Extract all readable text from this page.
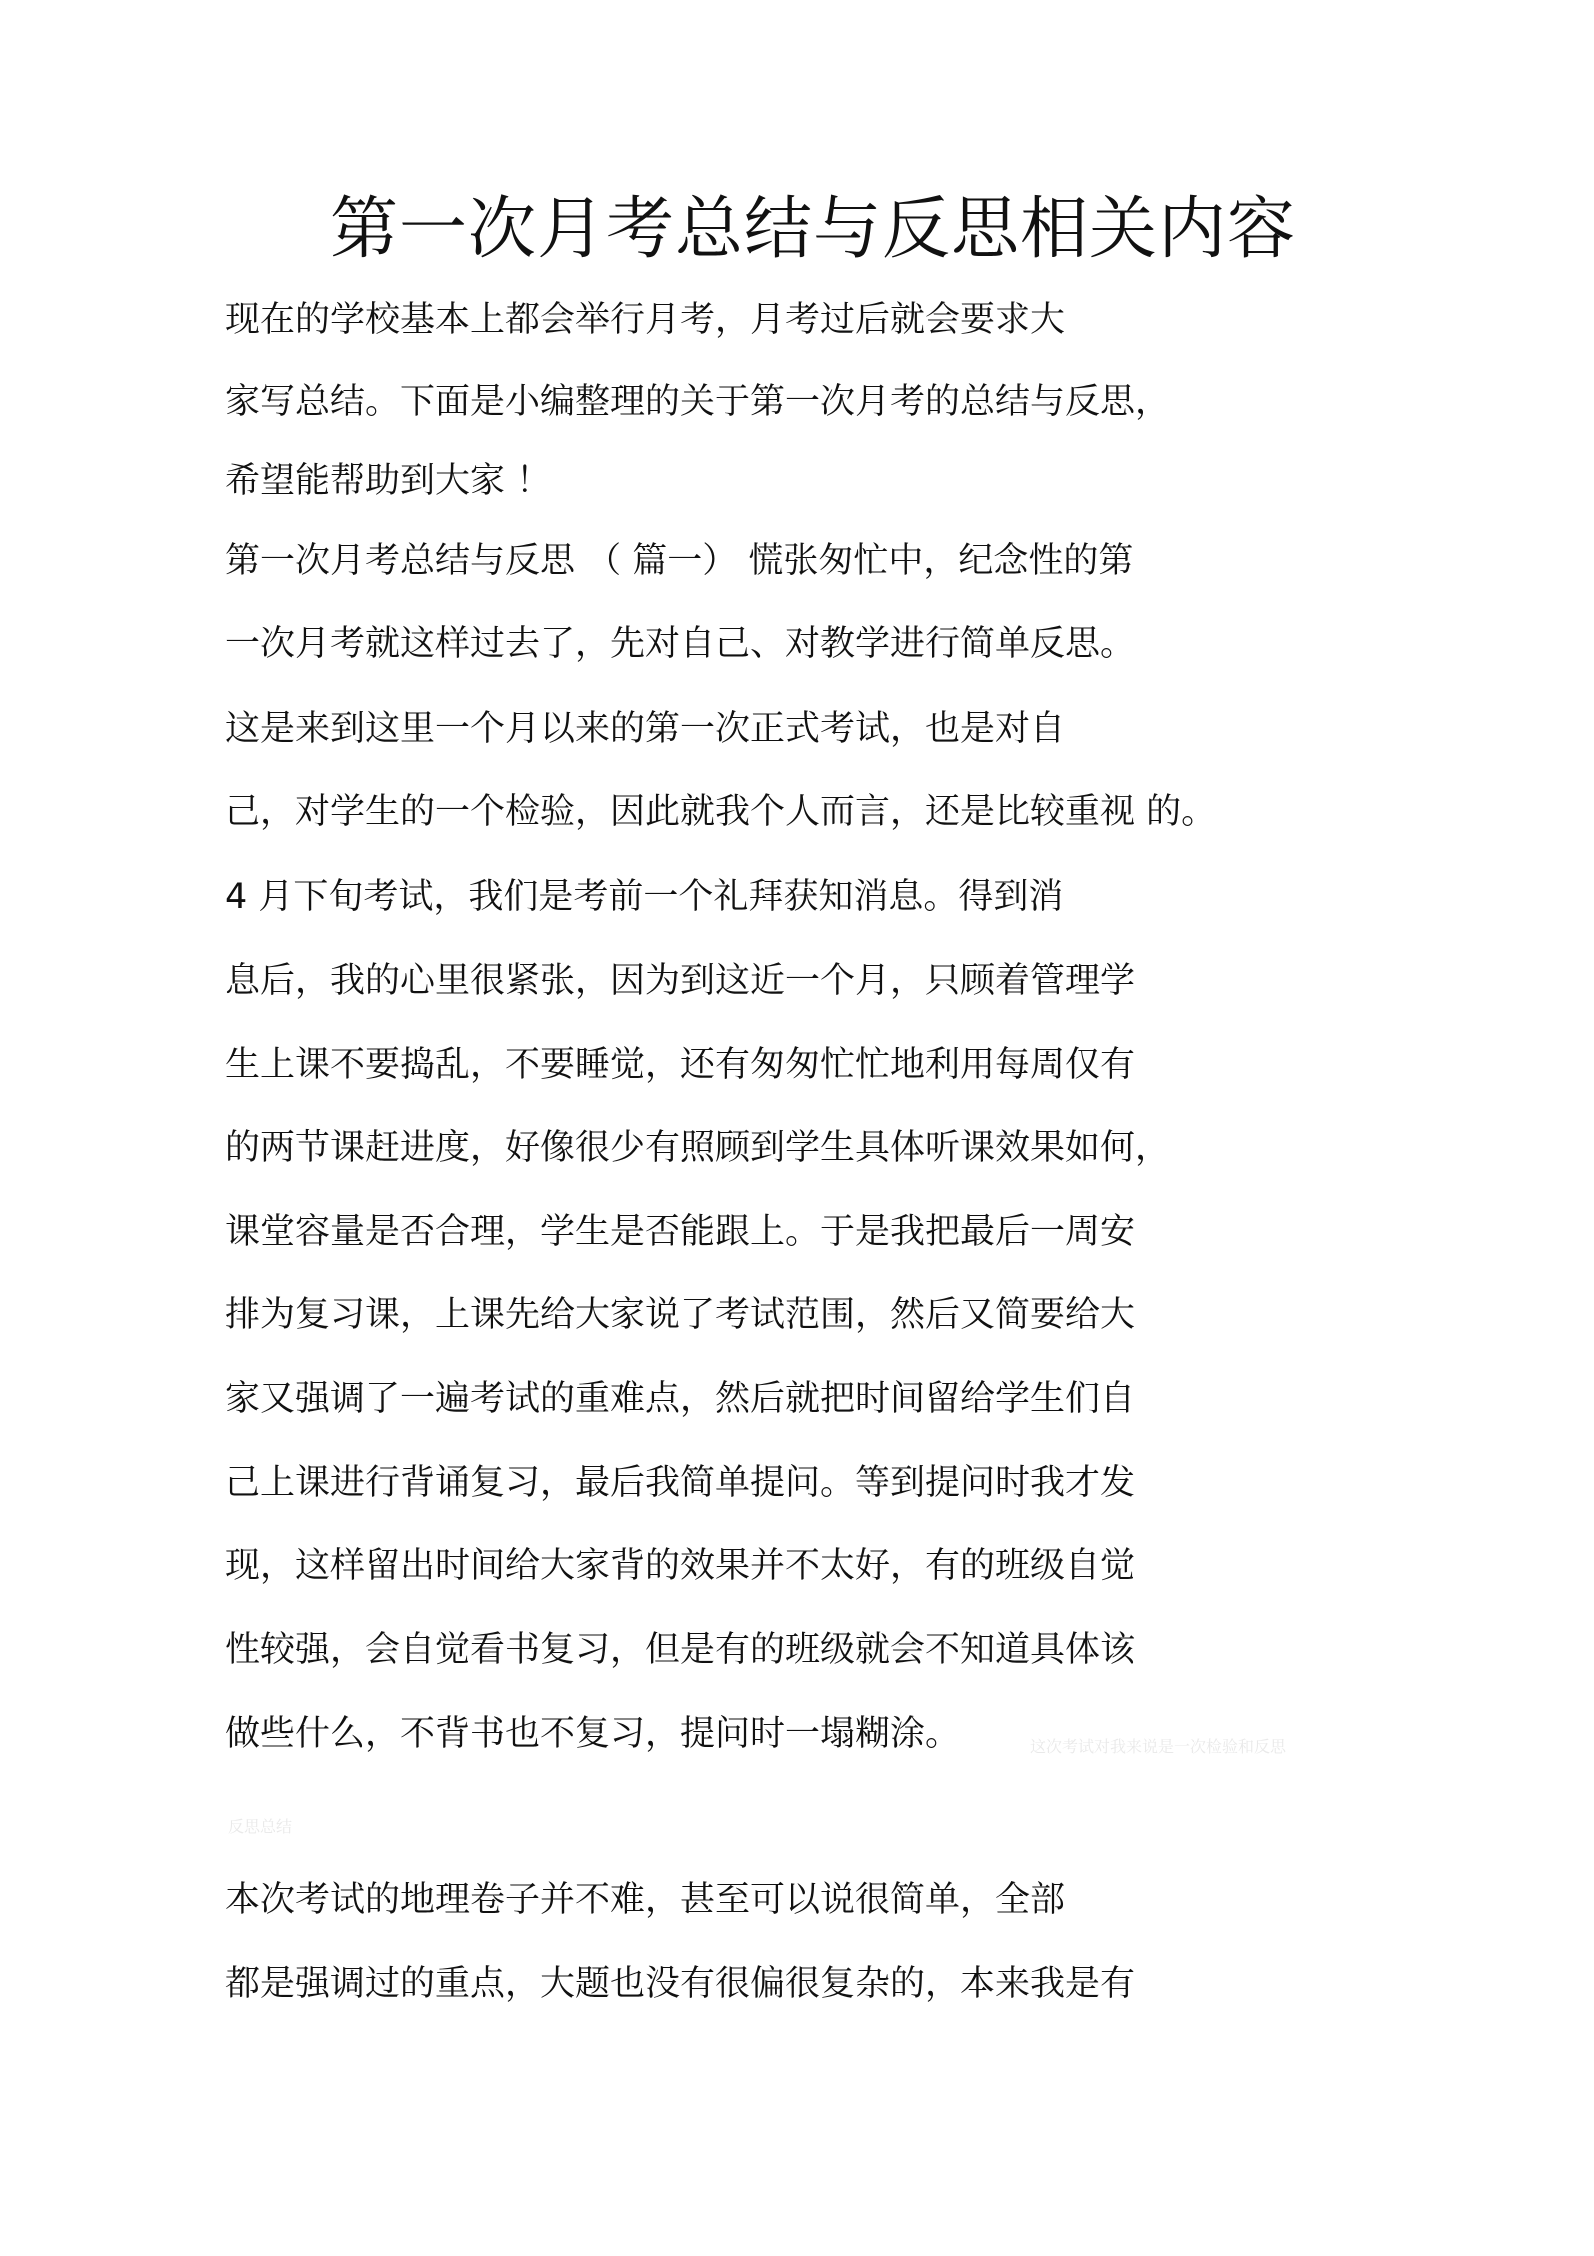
第一次月考总结与反思相关内容
现在的学校基本上都会举行月考，月考过后就会要求大
家写总结。下面是小编整理的关于第一次月考的总结与反思，
希望能帮助到大家 ！
第一次月考总结与反思 （ 篇一） 慌张匆忙中，纪念性的第
一次月考就这样过去了，先对自己、对教学进行简单反思。
这是来到这里一个月以来的第一次正式考试，也是对自
己，对学生的一个检验，因此就我个人而言，还是比较重视 的。
4 月下旬考试，我们是考前一个礼拜获知消息。得到消
息后，我的心里很紧张，因为到这近一个月，只顾着管理学
生上课不要捣乱，不要睡觉，还有匆匆忙忙地利用每周仅有
的两节课赶进度，好像很少有照顾到学生具体听课效果如何，
课堂容量是否合理，学生是否能跟上。于是我把最后一周安
排为复习课，上课先给大家说了考试范围，然后又简要给大
家又强调了一遍考试的重难点，然后就把时间留给学生们自
己上课进行背诵复习，最后我简单提问。等到提问时我才发
现，这样留出时间给大家背的效果并不太好，有的班级自觉
性较强，会自觉看书复习，但是有的班级就会不知道具体该
做些什么，不背书也不复习，提问时一塌糊涂。	这次考试对我来说是一次检验和反思
反思总结
本次考试的地理卷子并不难，甚至可以说很简单，全部
都是强调过的重点，大题也没有很偏很复杂的，本来我是有
